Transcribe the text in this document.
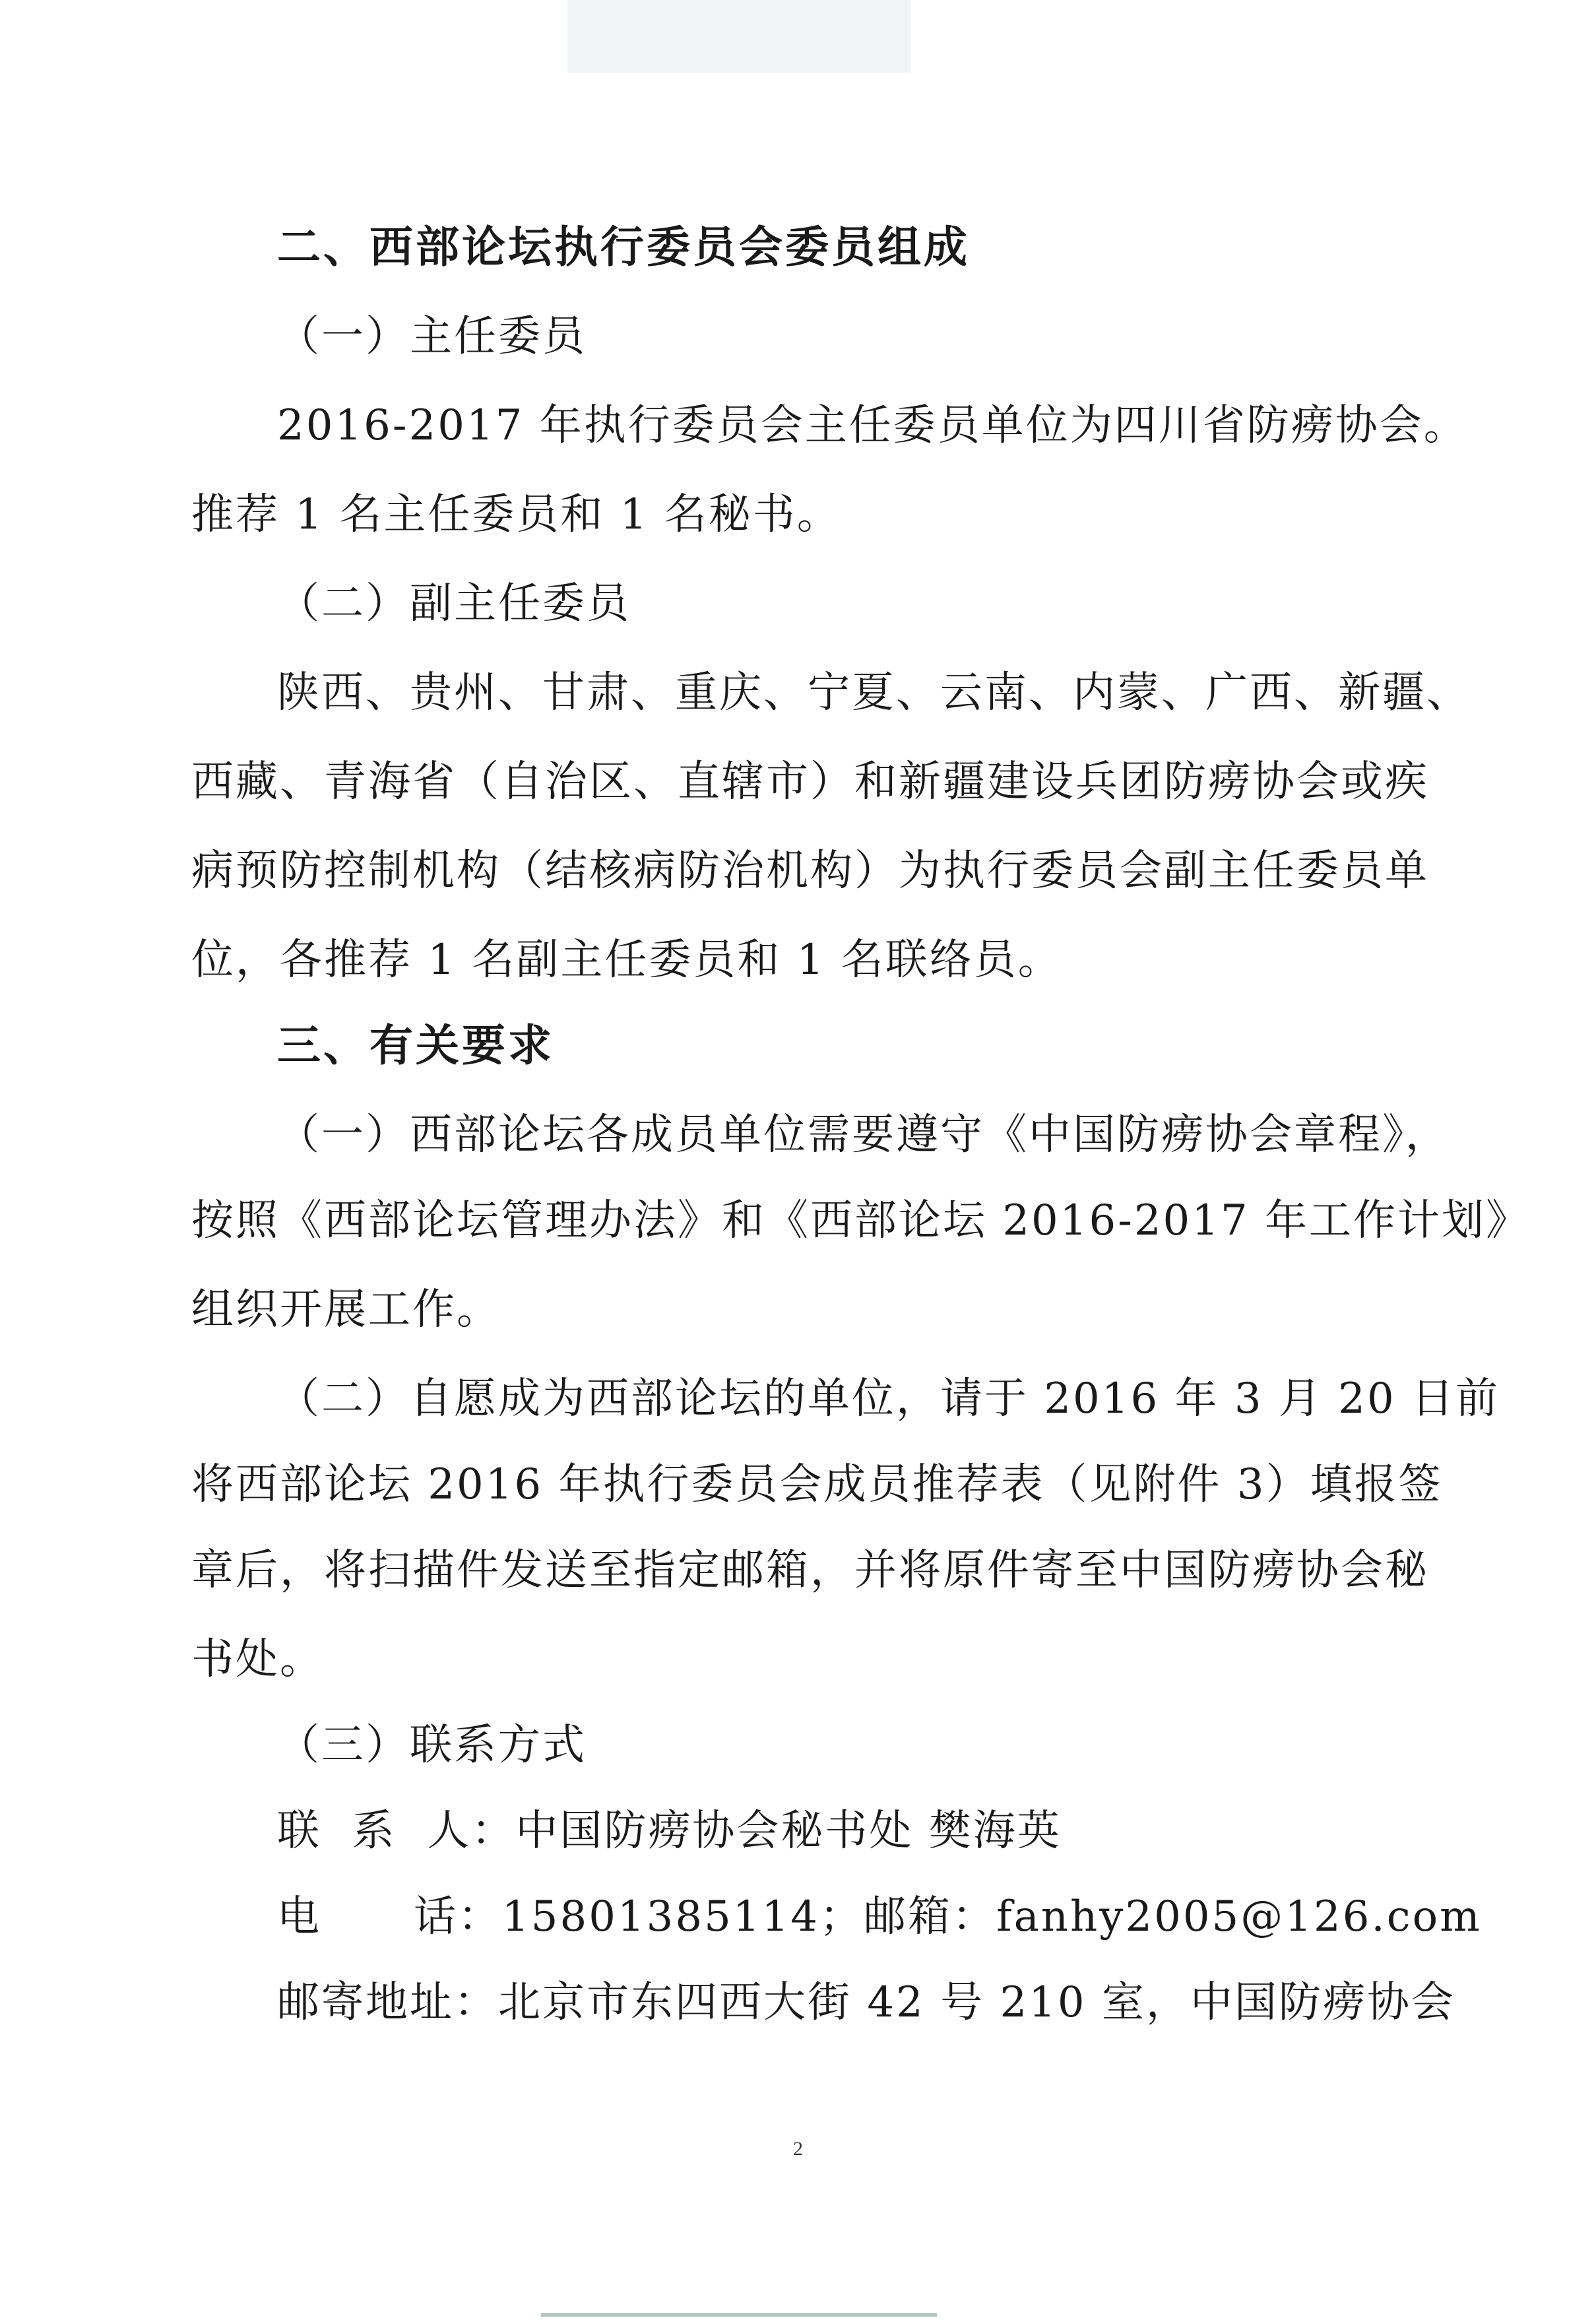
二、西部论坛执行委员会委员组成
（一）主任委员
2016-2017 年执行委员会主任委员单位为四川省防痨协会。
推荐 1 名主任委员和 1 名秘书。
（二）副主任委员
陕西、贵州、甘肃、重庆、宁夏、云南、内蒙、广西、新疆、
西藏、青海省（自治区、直辖市）和新疆建设兵团防痨协会或疾
病预防控制机构（结核病防治机构）为执行委员会副主任委员单
位，各推荐 1 名副主任委员和 1 名联络员。
三、有关要求
（一）西部论坛各成员单位需要遵守《中国防痨协会章程》，
按照《西部论坛管理办法》和《西部论坛 2016-2017 年工作计划》
组织开展工作。
（二）自愿成为西部论坛的单位，请于 2016 年 3 月 20 日前
将西部论坛 2016 年执行委员会成员推荐表（见附件 3）填报签
章后，将扫描件发送至指定邮箱，并将原件寄至中国防痨协会秘
书处。
（三）联系方式
联  系  人：中国防痨协会秘书处 樊海英
电      话：15801385114；邮箱：fanhy2005@126.com
邮寄地址：北京市东四西大街 42 号 210 室，中国防痨协会
2
